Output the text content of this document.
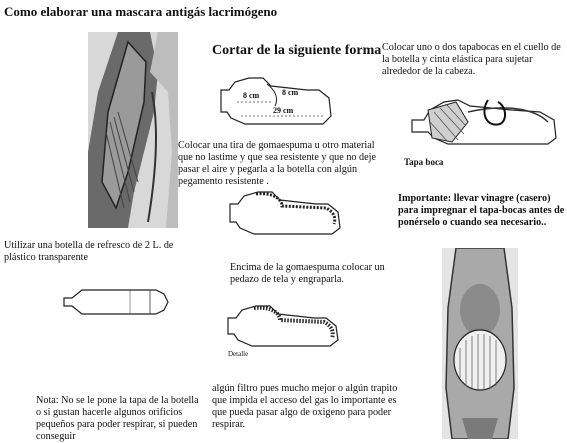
Como elaborar una mascara antigás lacrimógeno

Cortar de la siguiente forma

8 cm	8 cm

29 cm

Colocar uno o dos tapabocas en el cuello de la botella y cinta elástica para sujetar alrededor de la cabeza.

Tapa boca

Colocar una tira de gomaespuma u otro material que no lastime y que sea resistente y que no deje pasar el aire y pegarla a la botella con algún pegamento resistente .

Importante: llevar vinagre (casero) para impregnar el tapa-bocas antes de ponérselo o cuando sea necesario..

Utilizar una botella de refresco de 2 L. de plástico transparente

Encima de la gomaespuma colocar un pedazo de tela y engraparla.

Detalle

Nota: No se le pone la tapa de la botella o si gustan hacerle algunos orificios pequeños para poder respirar, si pueden conseguir

algún filtro pues mucho mejor o algún trapito que impida el acceso del gas lo importante es que pueda pasar algo de oxigeno para poder respirar.
